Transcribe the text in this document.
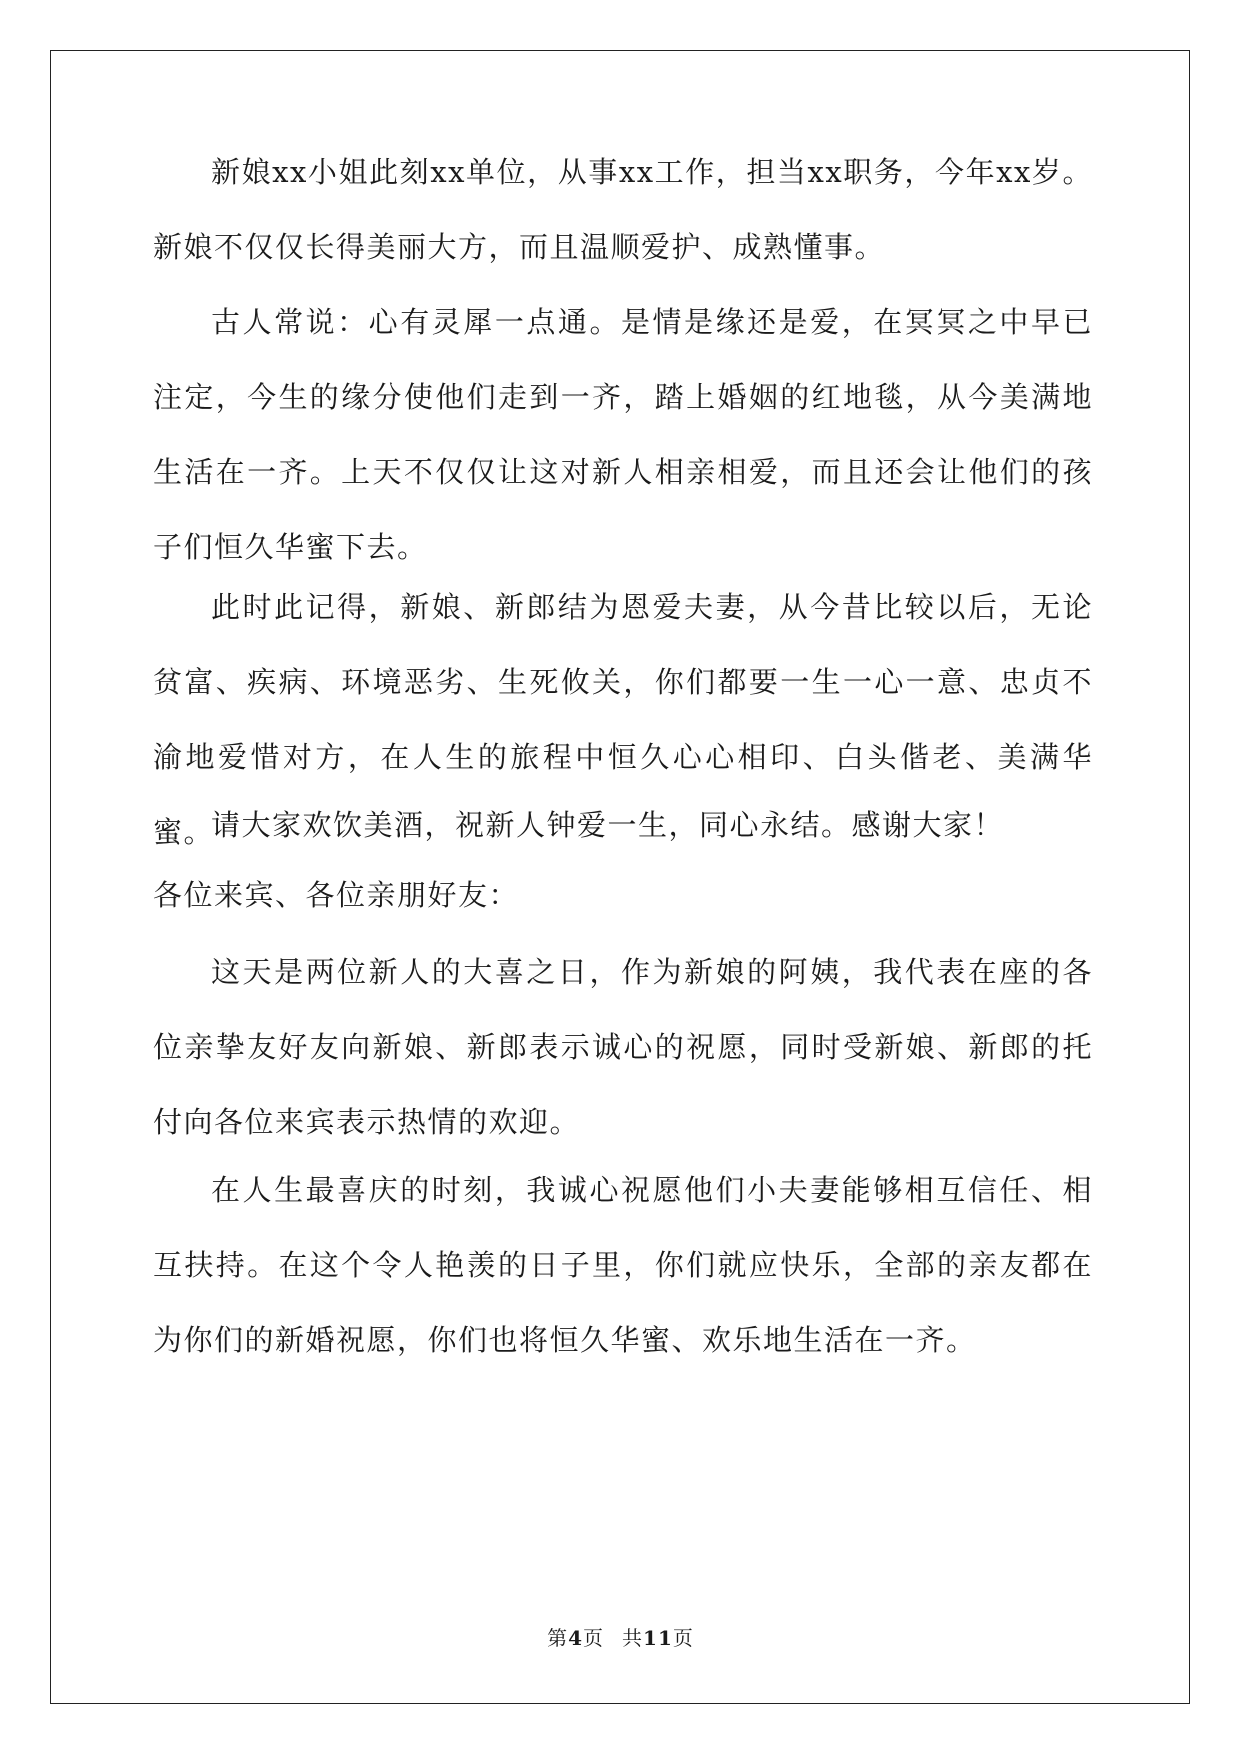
新娘xx小姐此刻xx单位，从事xx工作，担当xx职务，今年xx岁。新娘不仅仅长得美丽大方，而且温顺爱护、成熟懂事。

古人常说：心有灵犀一点通。是情是缘还是爱，在冥冥之中早已注定，今生的缘分使他们走到一齐，踏上婚姻的红地毯，从今美满地生活在一齐。上天不仅仅让这对新人相亲相爱，而且还会让他们的孩子们恒久华蜜下去。

此时此记得，新娘、新郎结为恩爱夫妻，从今昔比较以后，无论贫富、疾病、环境恶劣、生死攸关，你们都要一生一心一意、忠贞不渝地爱惜对方，在人生的旅程中恒久心心相印、白头偕老、美满华蜜。

请大家欢饮美酒，祝新人钟爱一生，同心永结。感谢大家！

各位来宾、各位亲朋好友：

这天是两位新人的大喜之日，作为新娘的阿姨，我代表在座的各位亲挚友好友向新娘、新郎表示诚心的祝愿，同时受新娘、新郎的托付向各位来宾表示热情的欢迎。

在人生最喜庆的时刻，我诚心祝愿他们小夫妻能够相互信任、相互扶持。在这个令人艳羡的日子里，你们就应快乐，全部的亲友都在为你们的新婚祝愿，你们也将恒久华蜜、欢乐地生活在一齐。

第4页 共11页
